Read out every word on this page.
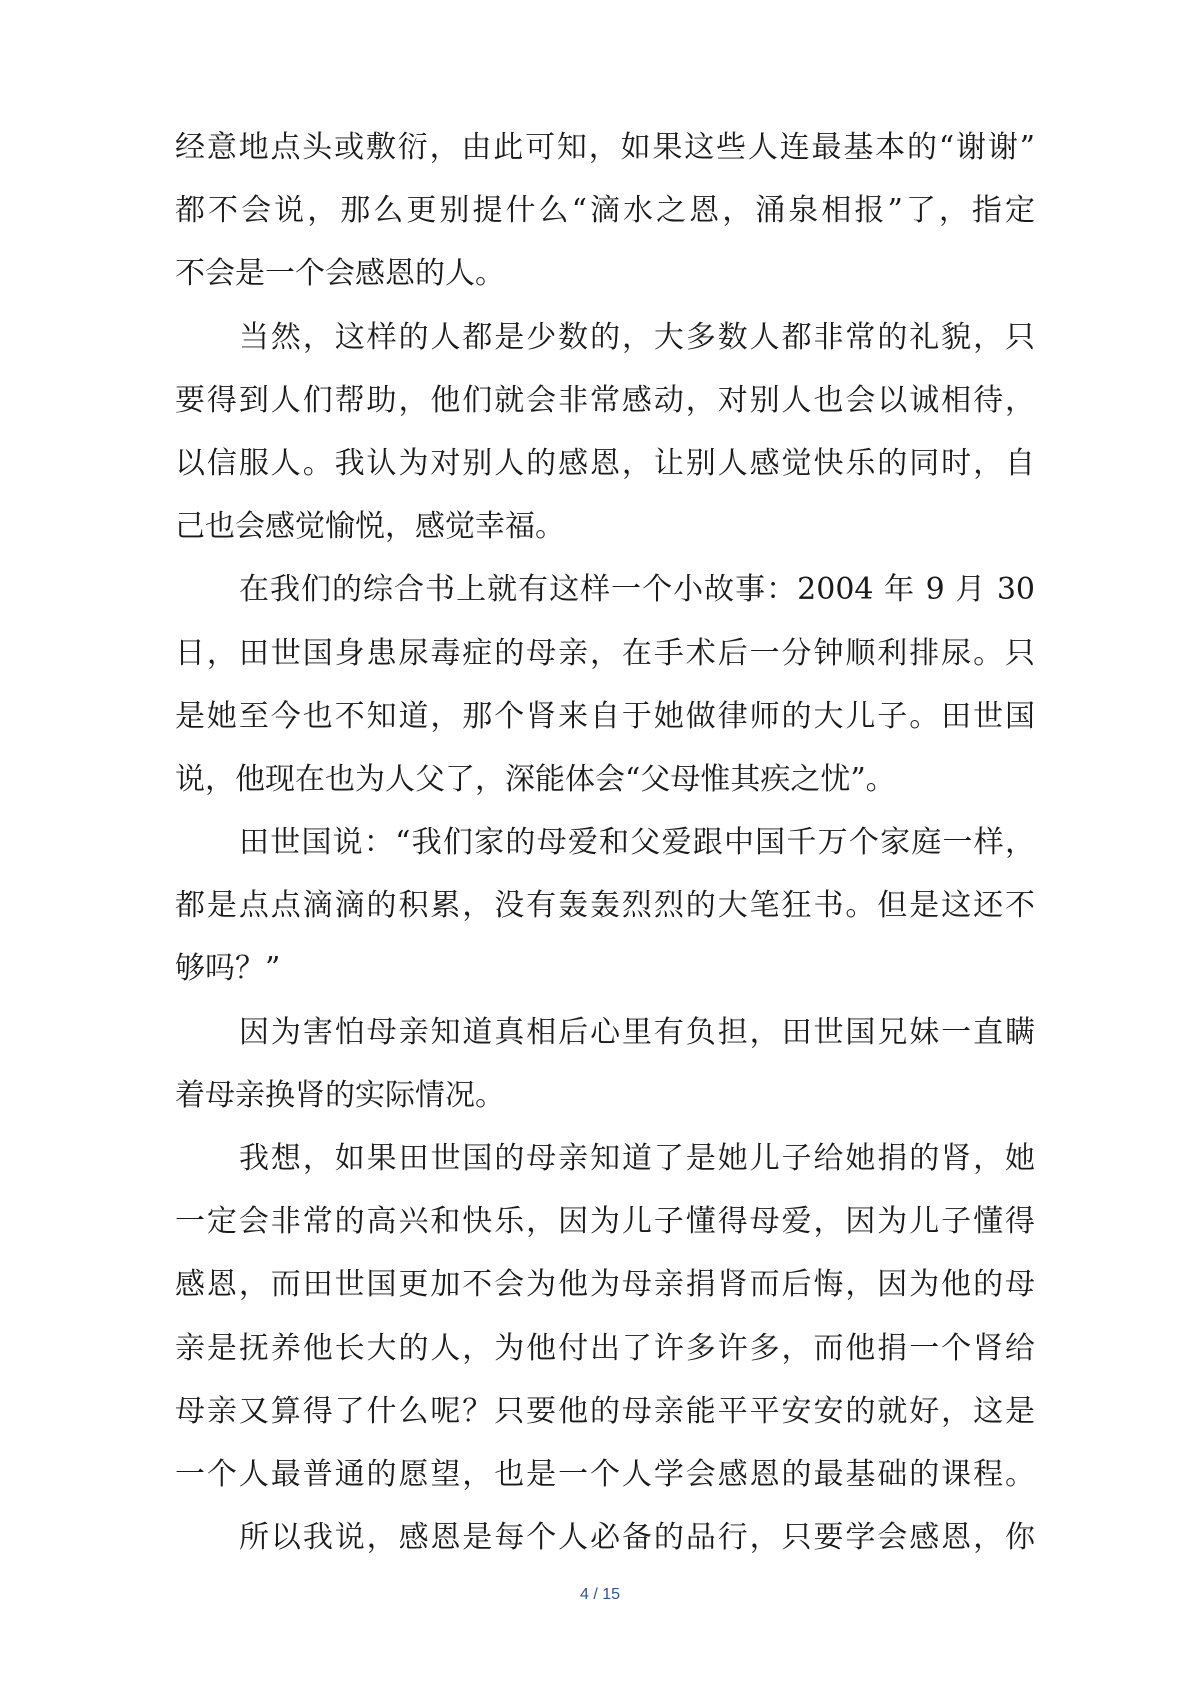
经意地点头或敷衍，由此可知，如果这些人连最基本的“谢谢”
都不会说，那么更别提什么“滴水之恩，涌泉相报”了，指定
不会是一个会感恩的人。
当然，这样的人都是少数的，大多数人都非常的礼貌，只
要得到人们帮助，他们就会非常感动，对别人也会以诚相待，
以信服人。我认为对别人的感恩，让别人感觉快乐的同时，自
己也会感觉愉悦，感觉幸福。
在我们的综合书上就有这样一个小故事：2004 年 9 月 30
日，田世国身患尿毒症的母亲，在手术后一分钟顺利排尿。只
是她至今也不知道，那个肾来自于她做律师的大儿子。田世国
说，他现在也为人父了，深能体会“父母惟其疾之忧”。
田世国说：“我们家的母爱和父爱跟中国千万个家庭一样，
都是点点滴滴的积累，没有轰轰烈烈的大笔狂书。但是这还不
够吗？”
因为害怕母亲知道真相后心里有负担，田世国兄妹一直瞒
着母亲换肾的实际情况。
我想，如果田世国的母亲知道了是她儿子给她捐的肾，她
一定会非常的高兴和快乐，因为儿子懂得母爱，因为儿子懂得
感恩，而田世国更加不会为他为母亲捐肾而后悔，因为他的母
亲是抚养他长大的人，为他付出了许多许多，而他捐一个肾给
母亲又算得了什么呢？只要他的母亲能平平安安的就好，这是
一个人最普通的愿望，也是一个人学会感恩的最基础的课程。
所以我说，感恩是每个人必备的品行，只要学会感恩，你
4 / 15
